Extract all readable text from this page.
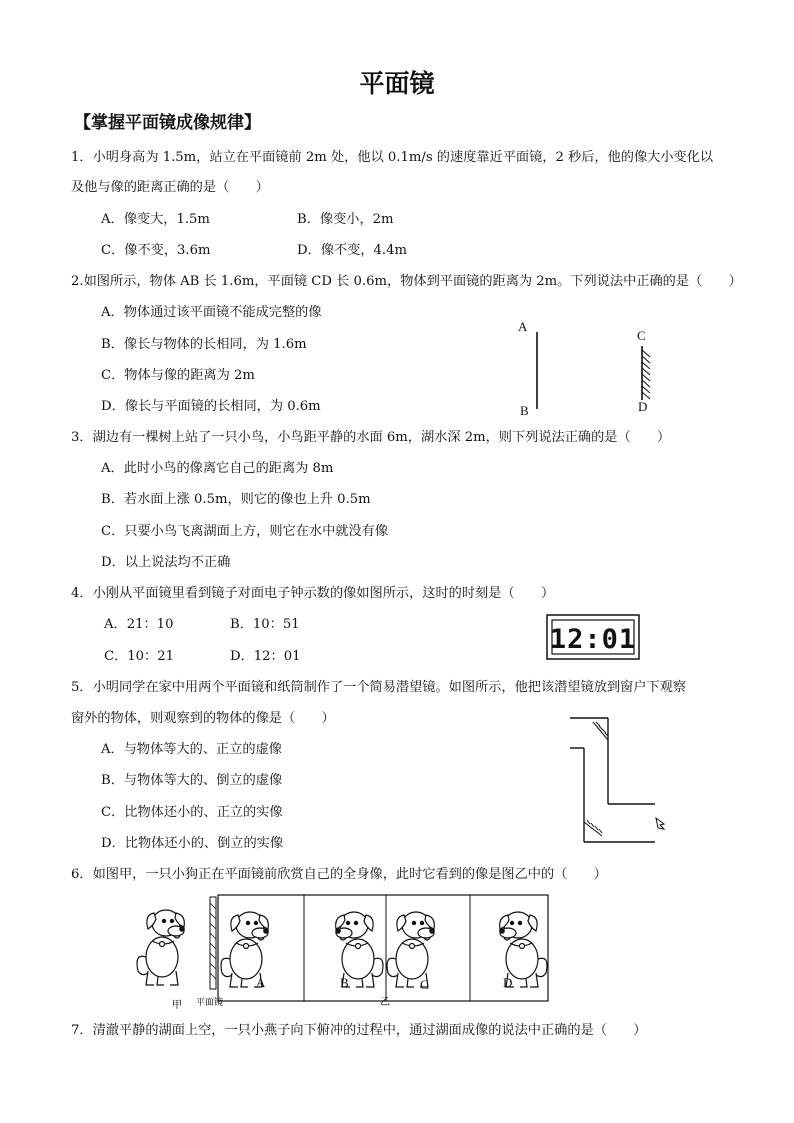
平面镜
【掌握平面镜成像规律】
1．小明身高为 1.5m，站立在平面镜前 2m 处，他以 0.1m/s 的速度靠近平面镜，2 秒后，他的像大小变化以
及他与像的距离正确的是（　　）
A．像变大，1.5m	B．像变小，2m
C．像不变，3.6m	D．像不变，4.4m
2.如图所示，物体 AB 长 1.6m，平面镜 CD 长 0.6m，物体到平面镜的距离为 2m。下列说法中正确的是（　　）
A．物体通过该平面镜不能成完整的像
B．像长与物体的长相同，为 1.6m
C．物体与像的距离为 2m
D．像长与平面镜的长相同，为 0.6m
A
B
C
D
3．湖边有一棵树上站了一只小鸟，小鸟距平静的水面 6m，湖水深 2m，则下列说法正确的是（　　）
A．此时小鸟的像离它自己的距离为 8m
B．若水面上涨 0.5m，则它的像也上升 0.5m
C．只要小鸟飞离湖面上方，则它在水中就没有像
D．以上说法均不正确
4．小刚从平面镜里看到镜子对面电子钟示数的像如图所示，这时的时刻是（　　）
A．21：10	B．10：51
C．10：21	D．12：01
12:01
5．小明同学在家中用两个平面镜和纸筒制作了一个简易潜望镜。如图所示，他把该潜望镜放到窗户下观察
窗外的物体，则观察到的物体的像是（　　）
A．与物体等大的、正立的虚像
B．与物体等大的、倒立的虚像
C．比物体还小的、正立的实像
D．比物体还小的、倒立的实像
6．如图甲，一只小狗正在平面镜前欣赏自己的全身像，此时它看到的像是图乙中的（　　）
A	B	C	D
甲 平面镜	乙
7．清澈平静的湖面上空，一只小燕子向下俯冲的过程中，通过湖面成像的说法中正确的是（　　）
